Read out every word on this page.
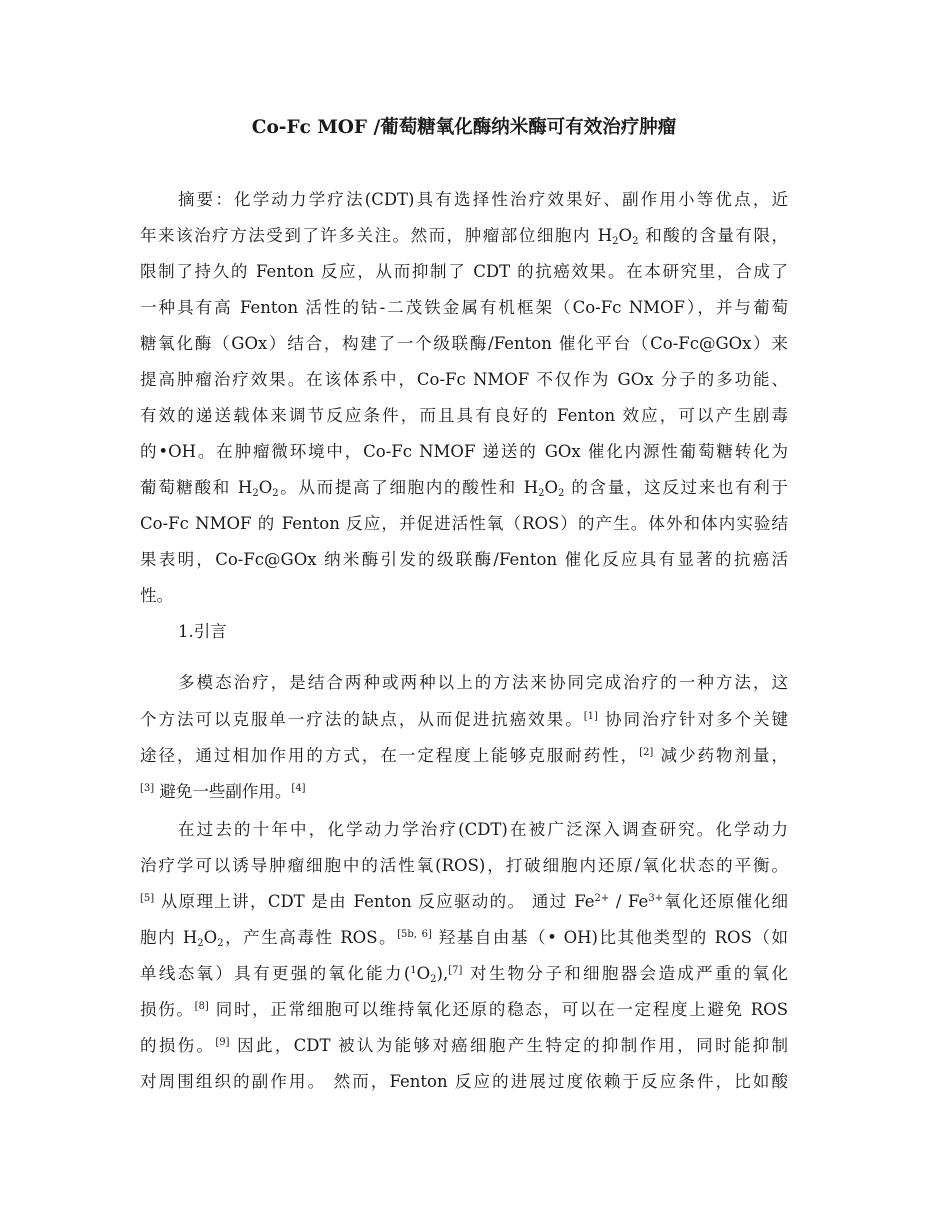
Co-Fc MOF /葡萄糖氧化酶纳米酶可有效治疗肿瘤
摘要：化学动力学疗法(CDT)具有选择性治疗效果好、副作用小等优点，近
年来该治疗方法受到了许多关注。然而，肿瘤部位细胞内 $H_2O_2$ 和酸的含量有限，
限制了持久的 Fenton 反应，从而抑制了 CDT 的抗癌效果。在本研究里，合成了
一种具有高 Fenton 活性的钴-二茂铁金属有机框架（Co-Fc NMOF），并与葡萄
糖氧化酶（GOx）结合，构建了一个级联酶/Fenton 催化平台（Co-Fc@GOx）来
提高肿瘤治疗效果。在该体系中，Co-Fc NMOF 不仅作为 GOx 分子的多功能、
有效的递送载体来调节反应条件，而且具有良好的 Fenton 效应，可以产生剧毒
的•OH。在肿瘤微环境中，Co-Fc NMOF 递送的 GOx 催化内源性葡萄糖转化为
葡萄糖酸和 $H_2O_2$。从而提高了细胞内的酸性和 $H_2O_2$ 的含量，这反过来也有利于
Co-Fc NMOF 的 Fenton 反应，并促进活性氧（ROS）的产生。体外和体内实验结
果表明，Co-Fc@GOx 纳米酶引发的级联酶/Fenton 催化反应具有显著的抗癌活
性。
1.引言
多模态治疗，是结合两种或两种以上的方法来协同完成治疗的一种方法，这
个方法可以克服单一疗法的缺点，从而促进抗癌效果。[1] 协同治疗针对多个关键
途径，通过相加作用的方式，在一定程度上能够克服耐药性，[2] 减少药物剂量，
[3] 避免一些副作用。[4]
在过去的十年中，化学动力学治疗(CDT)在被广泛深入调查研究。化学动力
治疗学可以诱导肿瘤细胞中的活性氧(ROS)，打破细胞内还原/氧化状态的平衡。
[5] 从原理上讲，CDT 是由 Fenton 反应驱动的。 通过 $Fe^{2+} / Fe^{3+}$氧化还原催化细
胞内 $H_2O_2$，产生高毒性 ROS。[5b, 6] 羟基自由基（• OH)比其他类型的 ROS（如
单线态氧）具有更强的氧化能力$(^1O_2),[7]$ 对生物分子和细胞器会造成严重的氧化
损伤。[8] 同时，正常细胞可以维持氧化还原的稳态，可以在一定程度上避免 ROS
的损伤。[9] 因此，CDT 被认为能够对癌细胞产生特定的抑制作用，同时能抑制
对周围组织的副作用。 然而，Fenton 反应的进展过度依赖于反应条件，比如酸
